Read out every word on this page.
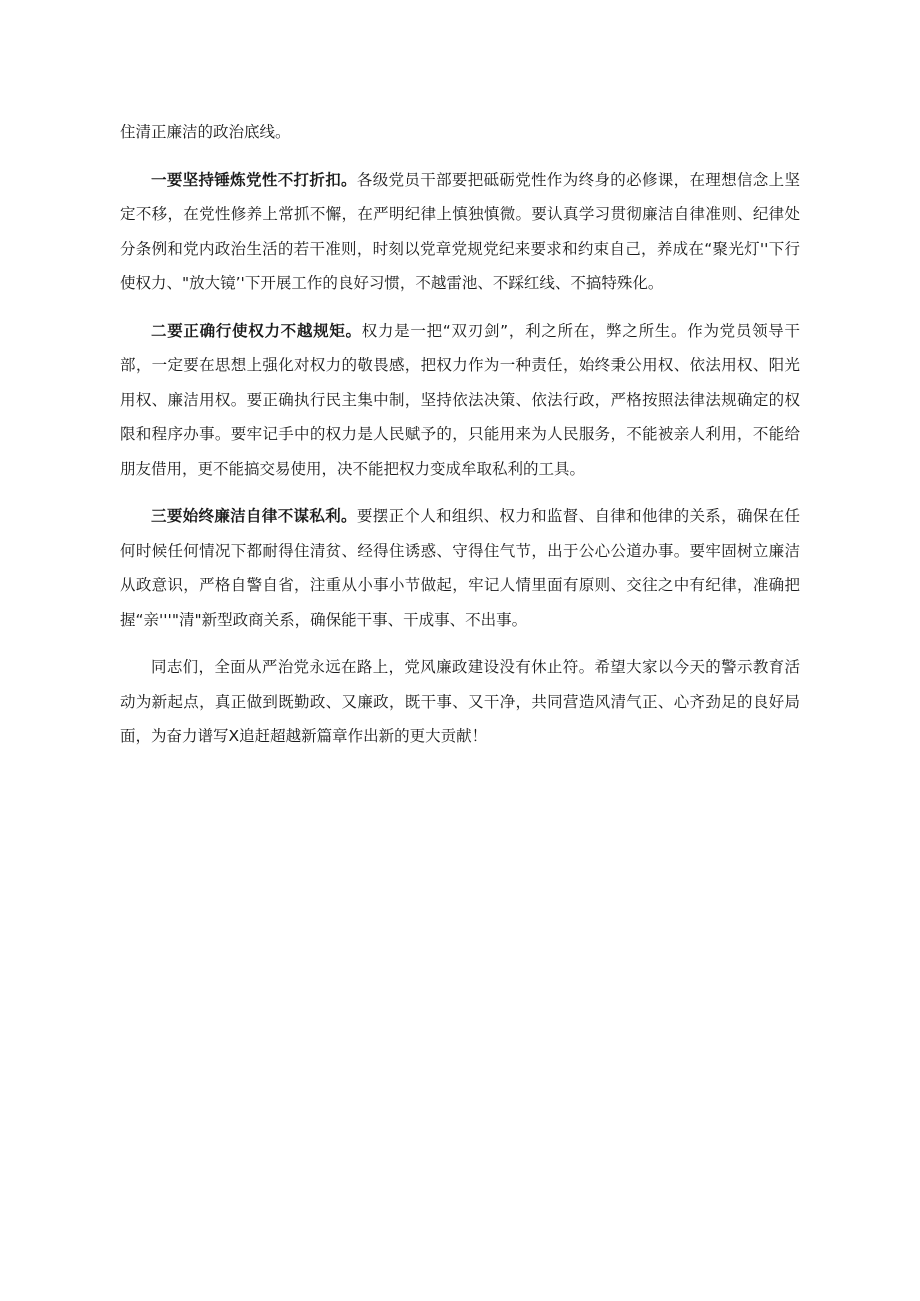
住清正廉洁的政治底线。

一要坚持锤炼党性不打折扣。各级党员干部要把砥砺党性作为终身的必修课，在理想信念上坚定不移，在党性修养上常抓不懈，在严明纪律上慎独慎微。要认真学习贯彻廉洁自律准则、纪律处分条例和党内政治生活的若干准则，时刻以党章党规党纪来要求和约束自己，养成在“聚光灯''下行使权力、"放大镜’'下开展工作的良好习惯，不越雷池、不踩红线、不搞特殊化。

二要正确行使权力不越规矩。权力是一把“双刃剑”，利之所在，弊之所生。作为党员领导干部，一定要在思想上强化对权力的敬畏感，把权力作为一种责任，始终秉公用权、依法用权、阳光用权、廉洁用权。要正确执行民主集中制，坚持依法决策、依法行政，严格按照法律法规确定的权限和程序办事。要牢记手中的权力是人民赋予的，只能用来为人民服务，不能被亲人利用，不能给朋友借用，更不能搞交易使用，决不能把权力变成牟取私利的工具。

三要始终廉洁自律不谋私利。要摆正个人和组织、权力和监督、自律和他律的关系，确保在任何时候任何情况下都耐得住清贫、经得住诱惑、守得住气节，出于公心公道办事。要牢固树立廉洁从政意识，严格自警自省，注重从小事小节做起，牢记人情里面有原则、交往之中有纪律，准确把握“亲'''"清"新型政商关系，确保能干事、干成事、不出事。

同志们，全面从严治党永远在路上，党风廉政建设没有休止符。希望大家以今天的警示教育活动为新起点，真正做到既勤政、又廉政，既干事、又干净，共同营造风清气正、心齐劲足的良好局面，为奋力谱写X追赶超越新篇章作出新的更大贡献！
